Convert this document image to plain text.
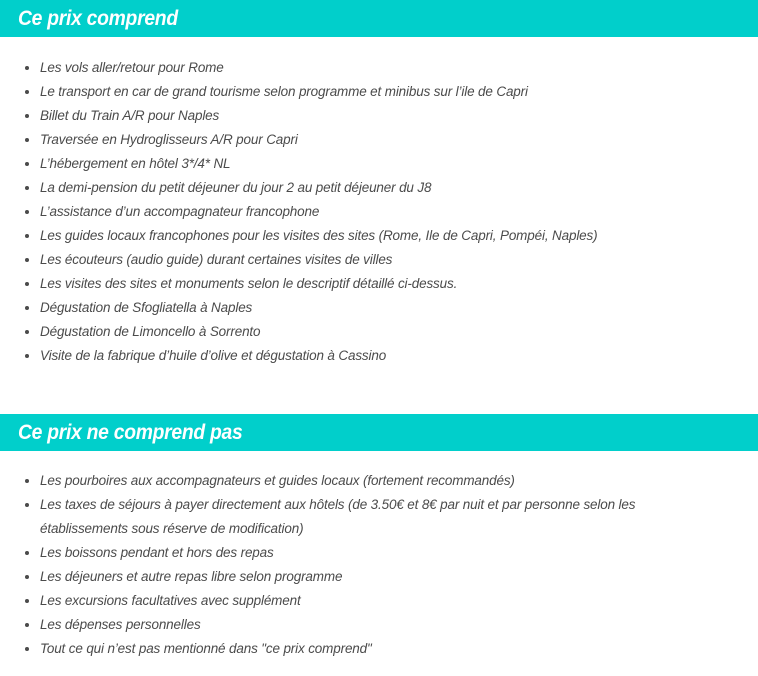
Ce prix comprend
Les vols aller/retour pour Rome
Le transport en car de grand tourisme selon programme et minibus sur l’ile de Capri
Billet du Train A/R pour Naples
Traversée en Hydroglisseurs A/R pour Capri
L’hébergement en hôtel 3*/4* NL
La demi-pension du petit déjeuner du jour 2 au petit déjeuner du J8
L’assistance d’un accompagnateur francophone
Les guides locaux francophones pour les visites des sites (Rome, Ile de Capri, Pompéi, Naples)
Les écouteurs (audio guide) durant certaines visites de villes
Les visites des sites et monuments selon le descriptif détaillé ci-dessus.
Dégustation de Sfogliatella à Naples
Dégustation de Limoncello à Sorrento
Visite de la fabrique d’huile d’olive et dégustation à Cassino
Ce prix ne comprend pas
Les pourboires aux accompagnateurs et guides locaux (fortement recommandés)
Les taxes de séjours à payer directement aux hôtels (de 3.50€ et 8€ par nuit et par personne selon les établissements sous réserve de modification)
Les boissons pendant et hors des repas
Les déjeuners et autre repas libre selon programme
Les excursions facultatives avec supplément
Les dépenses personnelles
Tout ce qui n’est pas mentionné dans "ce prix comprend"
